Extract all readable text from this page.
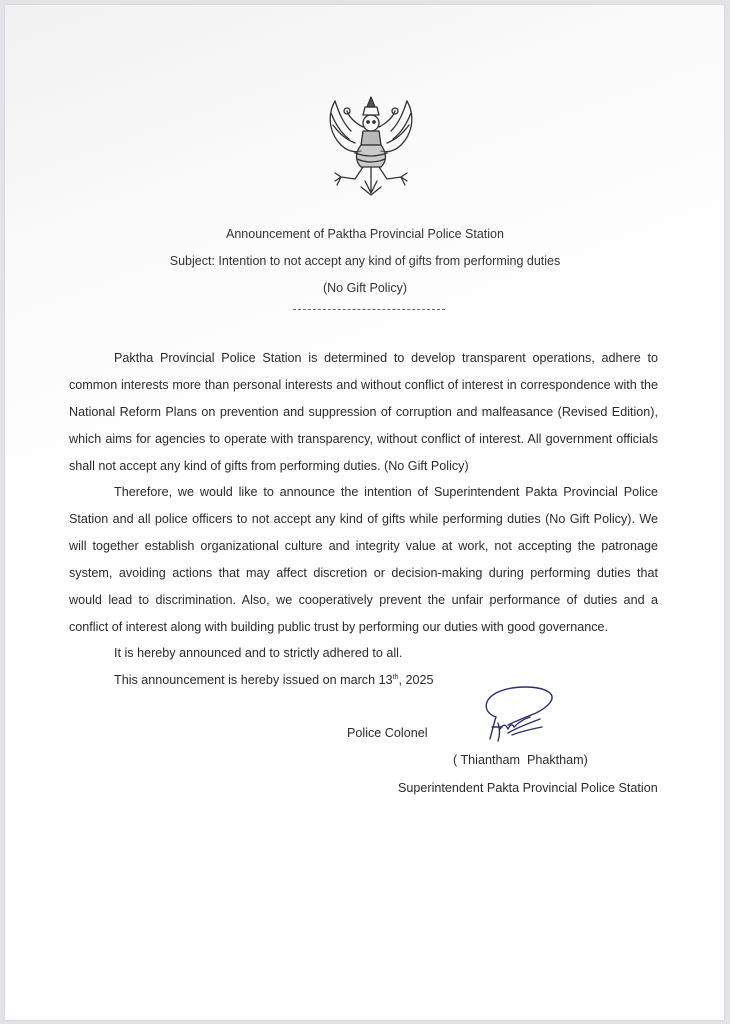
Announcement of Paktha Provincial Police Station
Subject: Intention to not accept any kind of gifts from performing duties
(No Gift Policy)

Paktha Provincial Police Station is determined to develop transparent operations, adhere to common interests more than personal interests and without conflict of interest in correspondence with the National Reform Plans on prevention and suppression of corruption and malfeasance (Revised Edition), which aims for agencies to operate with transparency, without conflict of interest. All government officials shall not accept any kind of gifts from performing duties. (No Gift Policy)

Therefore, we would like to announce the intention of Superintendent Pakta Provincial Police Station and all police officers to not accept any kind of gifts while performing duties (No Gift Policy). We will together establish organizational culture and integrity value at work, not accepting the patronage system, avoiding actions that may affect discretion or decision-making during performing duties that would lead to discrimination. Also, we cooperatively prevent the unfair performance of duties and a conflict of interest along with building public trust by performing our duties with good governance.

It is hereby announced and to strictly adhered to all.
This announcement is hereby issued on march 13th, 2025
Police Colonel
( Thiantham  Phaktham)
Superintendent Pakta Provincial Police Station
